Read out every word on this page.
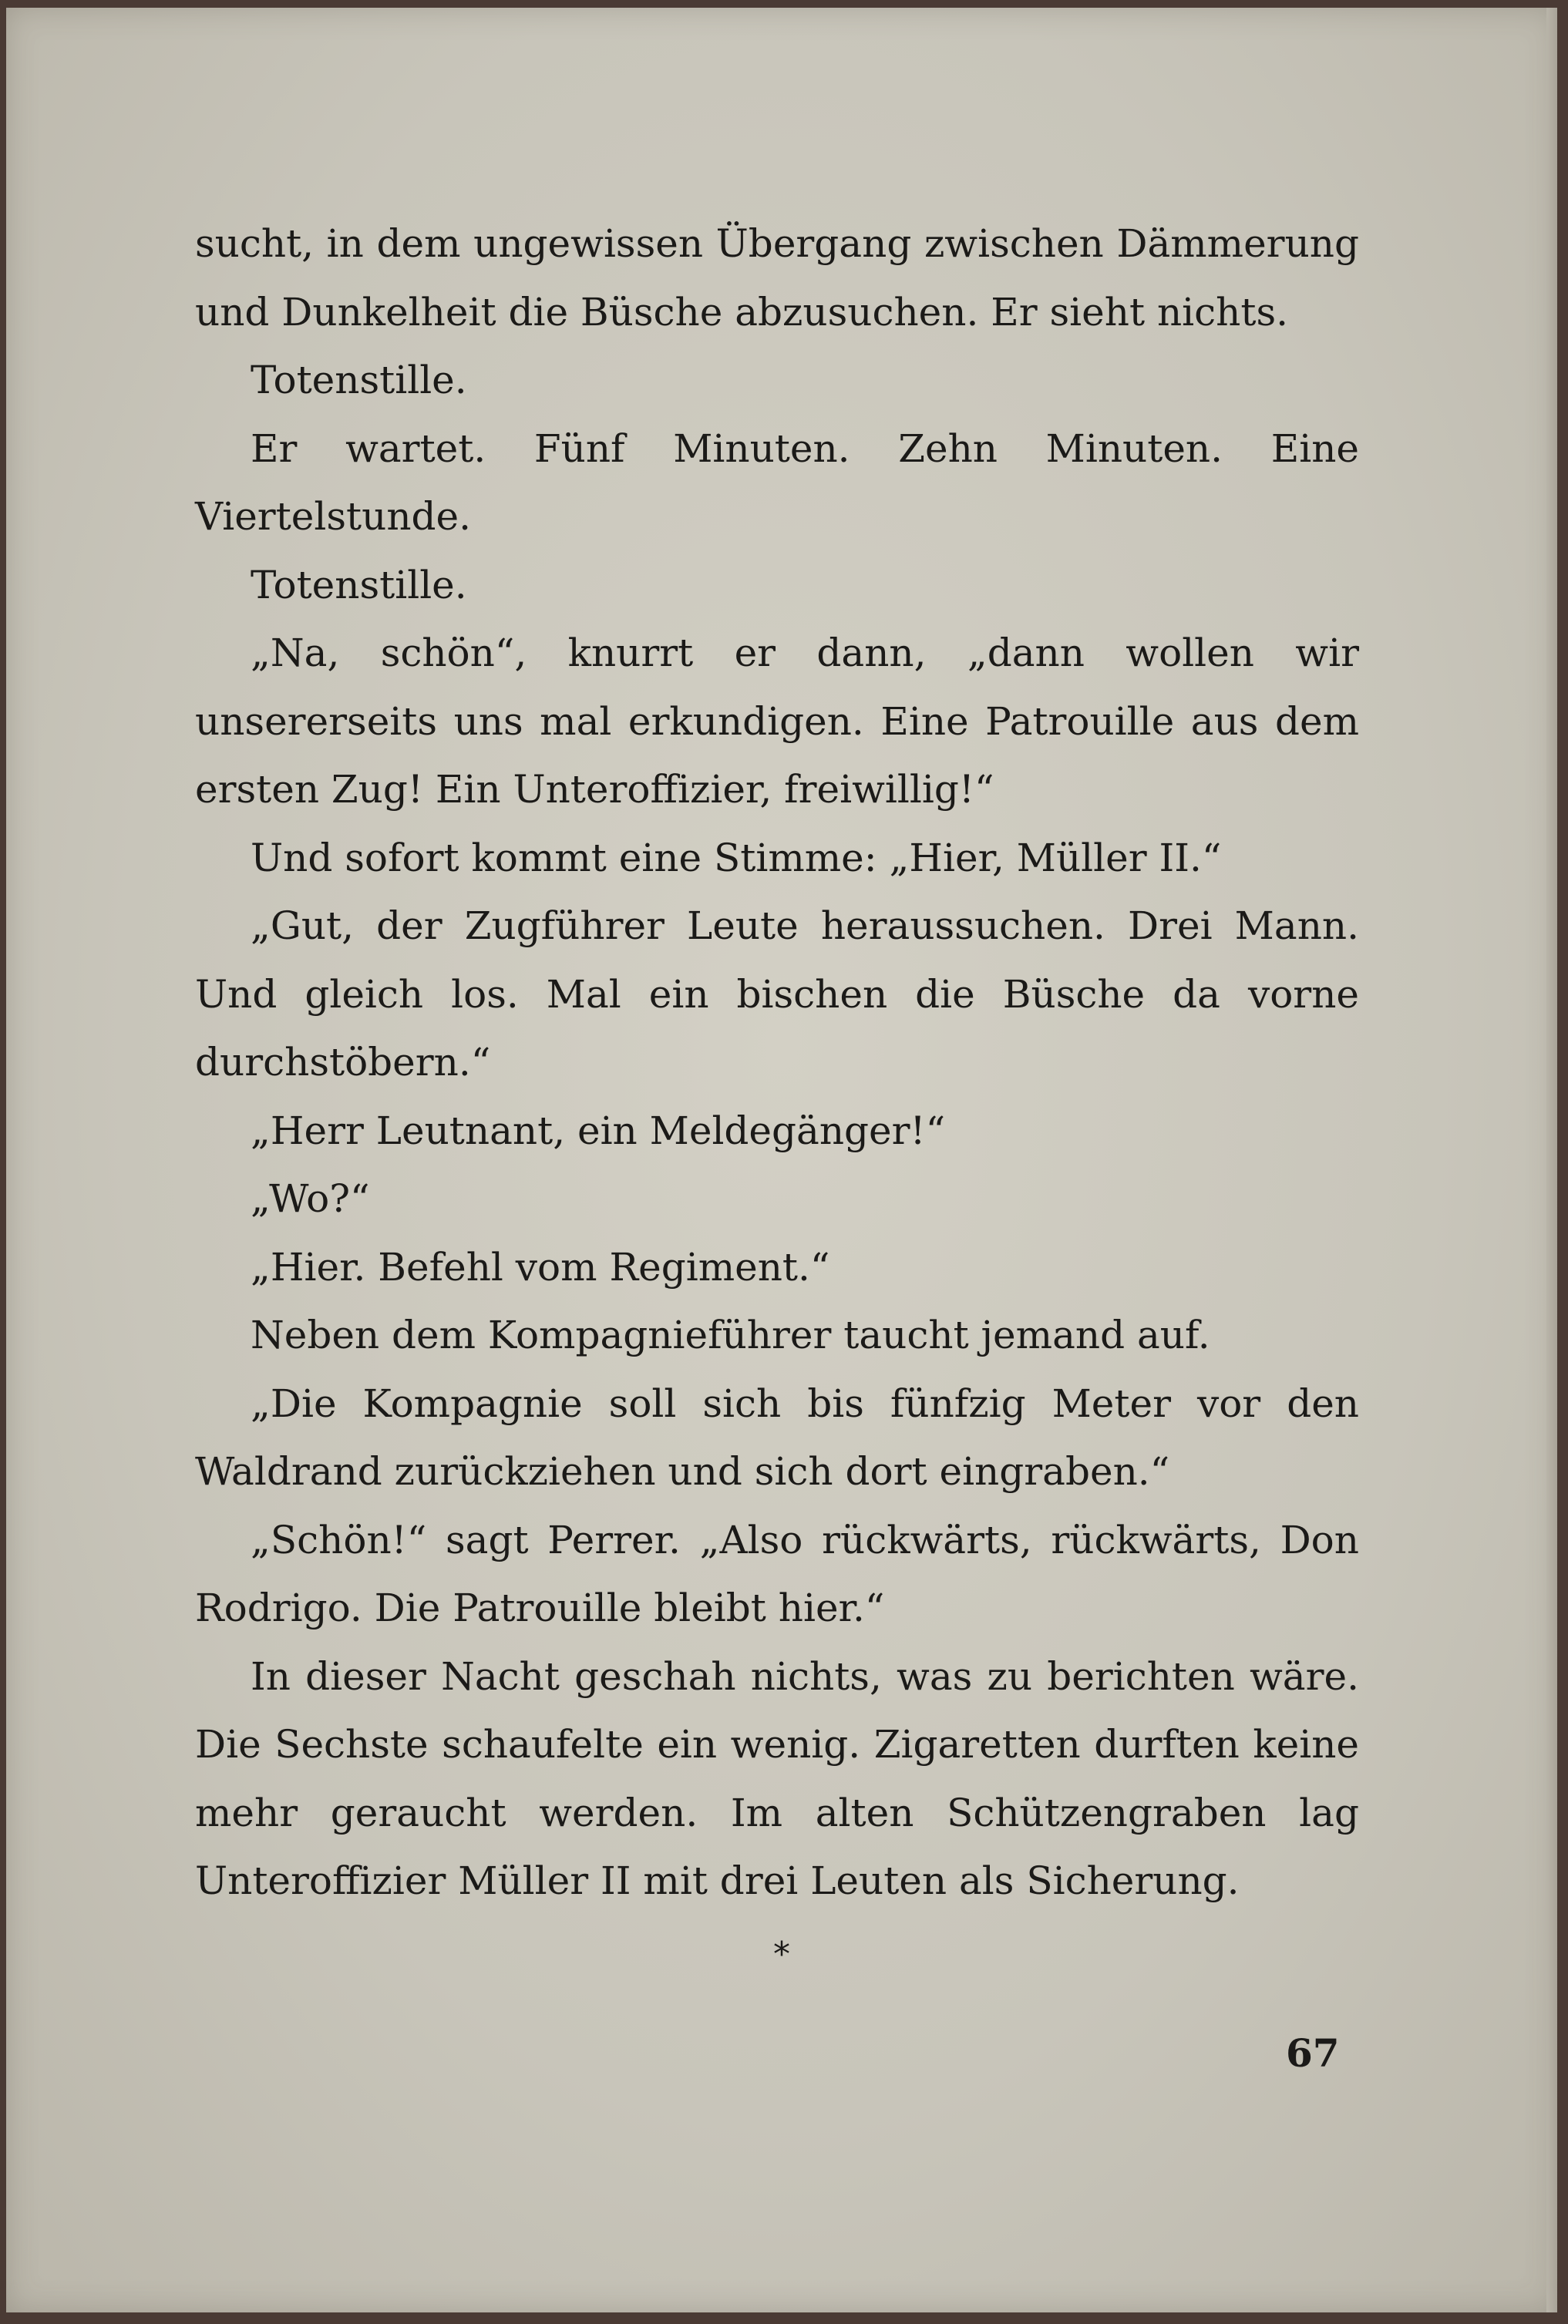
sucht, in dem ungewissen Übergang zwischen Dämmerung und Dunkelheit die Büsche abzusuchen. Er sieht nichts.

Totenstille.

Er wartet. Fünf Minuten. Zehn Minuten. Eine Viertelstunde.

Totenstille.

„Na, schön“, knurrt er dann, „dann wollen wir unsererseits uns mal erkundigen. Eine Patrouille aus dem ersten Zug! Ein Unteroffizier, freiwillig!“

Und sofort kommt eine Stimme: „Hier, Müller II.“

„Gut, der Zugführer Leute heraussuchen. Drei Mann. Und gleich los. Mal ein bischen die Büsche da vorne durchstöbern.“

„Herr Leutnant, ein Meldegänger!“

„Wo?“

„Hier. Befehl vom Regiment.“

Neben dem Kompagnieführer taucht jemand auf.

„Die Kompagnie soll sich bis fünfzig Meter vor den Waldrand zurückziehen und sich dort eingraben.“

„Schön!“ sagt Perrer. „Also rückwärts, rückwärts, Don Rodrigo. Die Patrouille bleibt hier.“

In dieser Nacht geschah nichts, was zu berichten wäre. Die Sechste schaufelte ein wenig. Zigaretten durften keine mehr geraucht werden. Im alten Schützengraben lag Unteroffizier Müller II mit drei Leuten als Sicherung.

*
67
